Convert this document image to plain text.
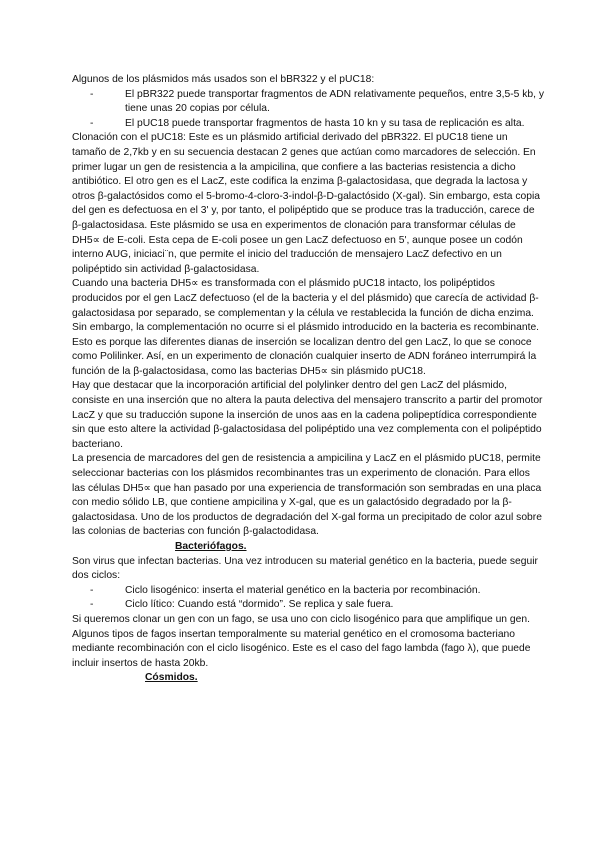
Algunos de los plásmidos más usados son el bBR322 y el pUC18:

- El pBR322 puede transportar fragmentos de ADN relativamente pequeños, entre 3,5-5 kb, y tiene unas 20 copias por célula.
- El pUC18 puede transportar fragmentos de hasta 10 kn y su tasa de replicación es alta.

Clonación con el pUC18: Este es un plásmido artificial derivado del pBR322. El pUC18 tiene un tamaño de 2,7kb y en su secuencia destacan 2 genes que actúan como marcadores de selección. En primer lugar un gen de resistencia a la ampicilina, que confiere a las bacterias resistencia a dicho antibiótico. El otro gen es el LacZ, este codifica la enzima β-galactosidasa, que degrada la lactosa y otros β-galactósidos como el 5-bromo-4-cloro-3-indol-β-D-galactósido (X-gal). Sin embargo, esta copia del gen es defectuosa en el 3' y, por tanto, el polipéptido que se produce tras la traducción, carece de β-galactosidasa. Este plásmido se usa en experimentos de clonación para transformar células de DH5∝ de E-coli. Esta cepa de E-coli posee un gen LacZ defectuoso en 5', aunque posee un codón interno AUG, iniciaci¨n, que permite el inicio del traducción de mensajero LacZ defectivo en un polipéptido sin actividad β-galactosidasa.

Cuando una bacteria DH5∝ es transformada con el plásmido pUC18 intacto, los polipéptidos producidos por el gen LacZ defectuoso (el de la bacteria y el del plásmido) que carecía de actividad β-galactosidasa por separado, se complementan y la célula ve restablecida la función de dicha enzima.

Sin embargo, la complementación no ocurre si el plásmido introducido en la bacteria es recombinante. Esto es porque las diferentes dianas de inserción se localizan dentro del gen LacZ, lo que se conoce como Polilinker. Así, en un experimento de clonación cualquier inserto de ADN foráneo interrumpirá la función de la β-galactosidasa, como las bacterias DH5∝ sin plásmido pUC18.

Hay que destacar que la incorporación artificial del polylinker dentro del gen LacZ del plásmido, consiste en una inserción que no altera la pauta delectiva del mensajero transcrito a partir del promotor LacZ y que su traducción supone la inserción de unos aas en la cadena polipeptídica correspondiente sin que esto altere la actividad β-galactosidasa del polipéptido una vez complementa con el polipéptido bacteriano.

La presencia de marcadores del gen de resistencia a ampicilina y LacZ en el plásmido pUC18, permite seleccionar bacterias con los plásmidos recombinantes tras un experimento de clonación. Para ellos las células DH5∝ que han pasado por una experiencia de transformación son sembradas en una placa con medio sólido LB, que contiene ampicilina y X-gal, que es un galactósido degradado por la β-galactosidasa. Uno de los productos de degradación del X-gal forma un precipitado de color azul sobre las colonias de bacterias con función β-galactodidasa.

Bacteriófagos.

Son virus que infectan bacterias. Una vez introducen su material genético en la bacteria, puede seguir dos ciclos:

- Ciclo lisogénico: inserta el material genético en la bacteria por recombinación.
- Ciclo lítico: Cuando está “dormido”. Se replica y sale fuera.

Si queremos clonar un gen con un fago, se usa uno con ciclo lisogénico para que amplifique un gen.

Algunos tipos de fagos insertan temporalmente su material genético en el cromosoma bacteriano mediante recombinación con el ciclo lisogénico. Este es el caso del fago lambda (fago λ), que puede incluir insertos de hasta 20kb.

Cósmidos.
